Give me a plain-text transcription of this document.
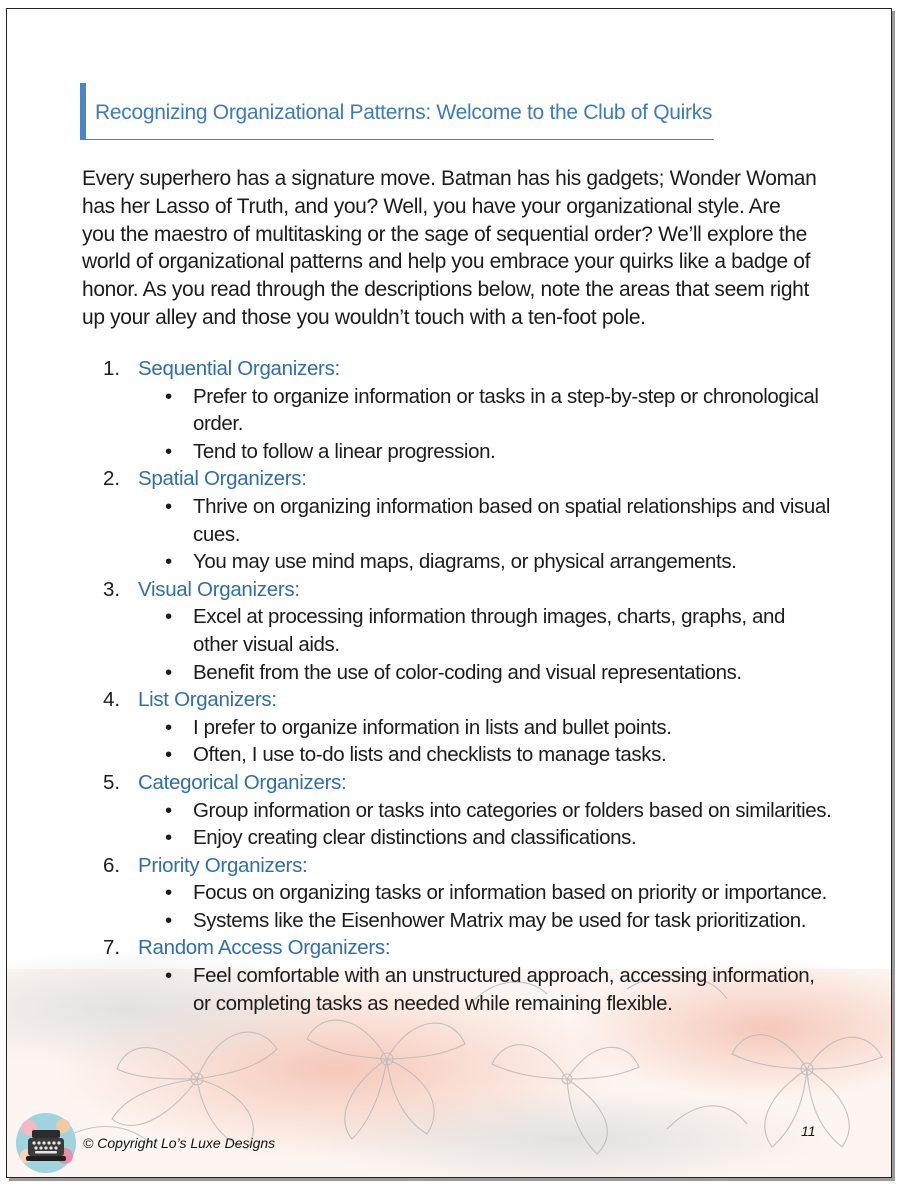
Recognizing Organizational Patterns: Welcome to the Club of Quirks

Every superhero has a signature move. Batman has his gadgets; Wonder Woman has her Lasso of Truth, and you? Well, you have your organizational style. Are you the maestro of multitasking or the sage of sequential order? We’ll explore the world of organizational patterns and help you embrace your quirks like a badge of honor. As you read through the descriptions below, note the areas that seem right up your alley and those you wouldn’t touch with a ten-foot pole.

1. Sequential Organizers:
• Prefer to organize information or tasks in a step-by-step or chronological order.
• Tend to follow a linear progression.
2. Spatial Organizers:
• Thrive on organizing information based on spatial relationships and visual cues.
• You may use mind maps, diagrams, or physical arrangements.
3. Visual Organizers:
• Excel at processing information through images, charts, graphs, and other visual aids.
• Benefit from the use of color-coding and visual representations.
4. List Organizers:
• I prefer to organize information in lists and bullet points.
• Often, I use to-do lists and checklists to manage tasks.
5. Categorical Organizers:
• Group information or tasks into categories or folders based on similarities.
• Enjoy creating clear distinctions and classifications.
6. Priority Organizers:
• Focus on organizing tasks or information based on priority or importance.
• Systems like the Eisenhower Matrix may be used for task prioritization.
7. Random Access Organizers:
• Feel comfortable with an unstructured approach, accessing information, or completing tasks as needed while remaining flexible.
© Copyright Lo’s Luxe Designs
11
